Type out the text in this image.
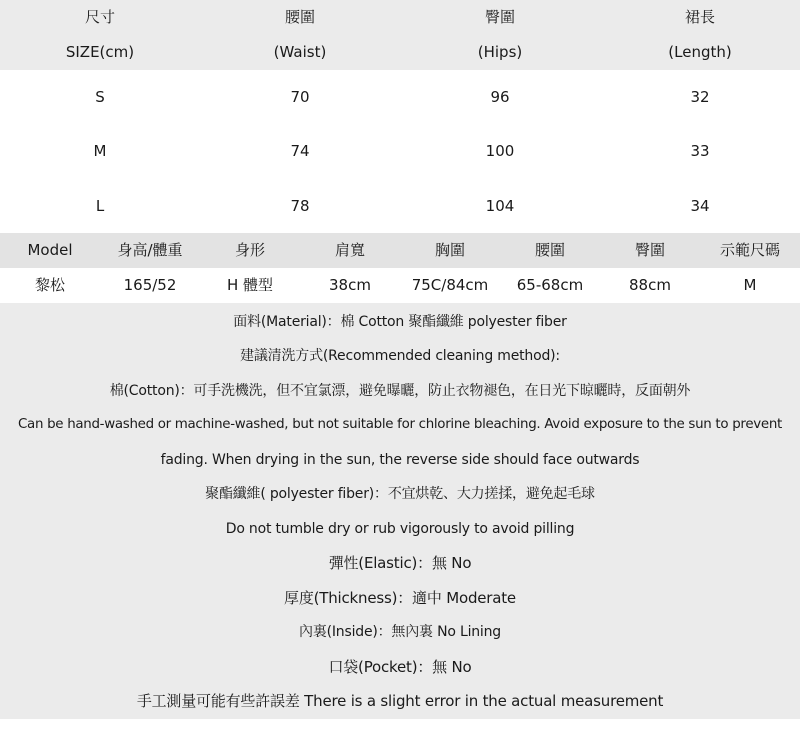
尺寸	腰圍	臀圍	裙長
SIZE(cm)	(Waist)	(Hips)	(Length)
S	70	96	32
M	74	100	33
L	78	104	34
Model	身高/體重	身形	肩寬	胸圍	腰圍	臀圍	示範尺碼
黎松	165/52	H 體型	38cm	75C/84cm	65-68cm	88cm	M
面料(Material)：棉 Cotton 聚酯纖維 polyester fiber
建議清洗方式(Recommended cleaning method):
棉(Cotton)：可手洗機洗，但不宜氯漂，避免曝曬，防止衣物褪色，在日光下晾曬時，反面朝外
Can be hand-washed or machine-washed, but not suitable for chlorine bleaching. Avoid exposure to the sun to prevent
fading. When drying in the sun, the reverse side should face outwards
聚酯纖維( polyester fiber)：不宜烘乾、大力搓揉，避免起毛球
Do not tumble dry or rub vigorously to avoid pilling
彈性(Elastic)：無 No
厚度(Thickness)：適中 Moderate
內裏(Inside)：無內裏 No Lining
口袋(Pocket)：無 No
手工測量可能有些許誤差 There is a slight error in the actual measurement
